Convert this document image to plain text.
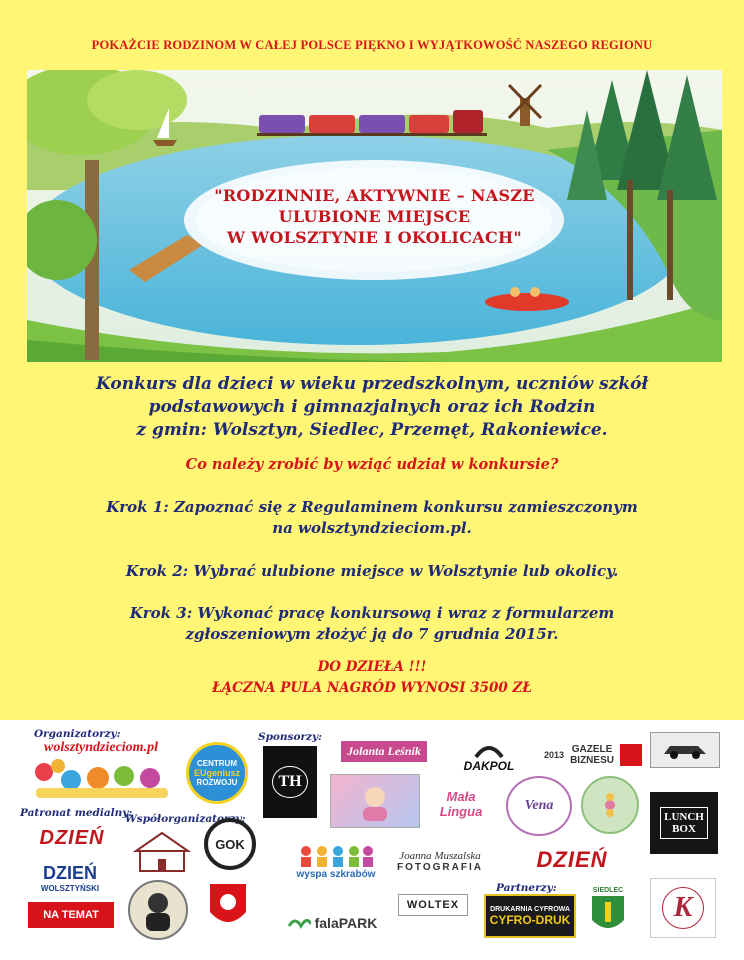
POKAŻCIE RODZINOM W CAŁEJ POLSCE PIĘKNO I WYJĄTKOWOŚĆ NASZEGO REGIONU
"RODZINNIE, AKTYWNIE – NASZE
ULUBIONE MIEJSCE
W WOLSZTYNIE I OKOLICACH"
Konkurs dla dzieci w wieku przedszkolnym, uczniów szkół
podstawowych i gimnazjalnych oraz ich Rodzin
z gmin: Wolsztyn, Siedlec, Przemęt, Rakoniewice.
Co należy zrobić by wziąć udział w konkursie?
Krok 1: Zapoznać się z Regulaminem konkursu zamieszczonym
na wolsztyndzieciom.pl.
Krok 2: Wybrać ulubione miejsce w Wolsztynie lub okolicy.
Krok 3: Wykonać pracę konkursową i wraz z formularzem
zgłoszeniowym złożyć ją do 7 grudnia 2015r.
DO DZIEŁA !!!
ŁĄCZNA PULA NAGRÓD WYNOSI 3500 ZŁ
Organizatorzy:	Sponsorzy:
Patronat medialny:
Współorganizatorzy:
Partnerzy:
wolsztyndzieciom.pl
CENTRUM
EUgeniusz
ROZWOJU	TH
Jolanta Leśnik
DAKPOL
2013 GAZELE BIZNESU
Mała Lingua	Vena
LUNCH BOX
DZIEŃ
DZIEŃ
WOLSZTYŃSKI
NA TEMAT
GOK
wyspa szkrabów
Joanna Muszalska
FOTOGRAFIA DZIEŃ
falaPARK
WOLTEX	DRUKARNIA CYFROWA
CYFRO-DRUK
SIEDLEC
K
